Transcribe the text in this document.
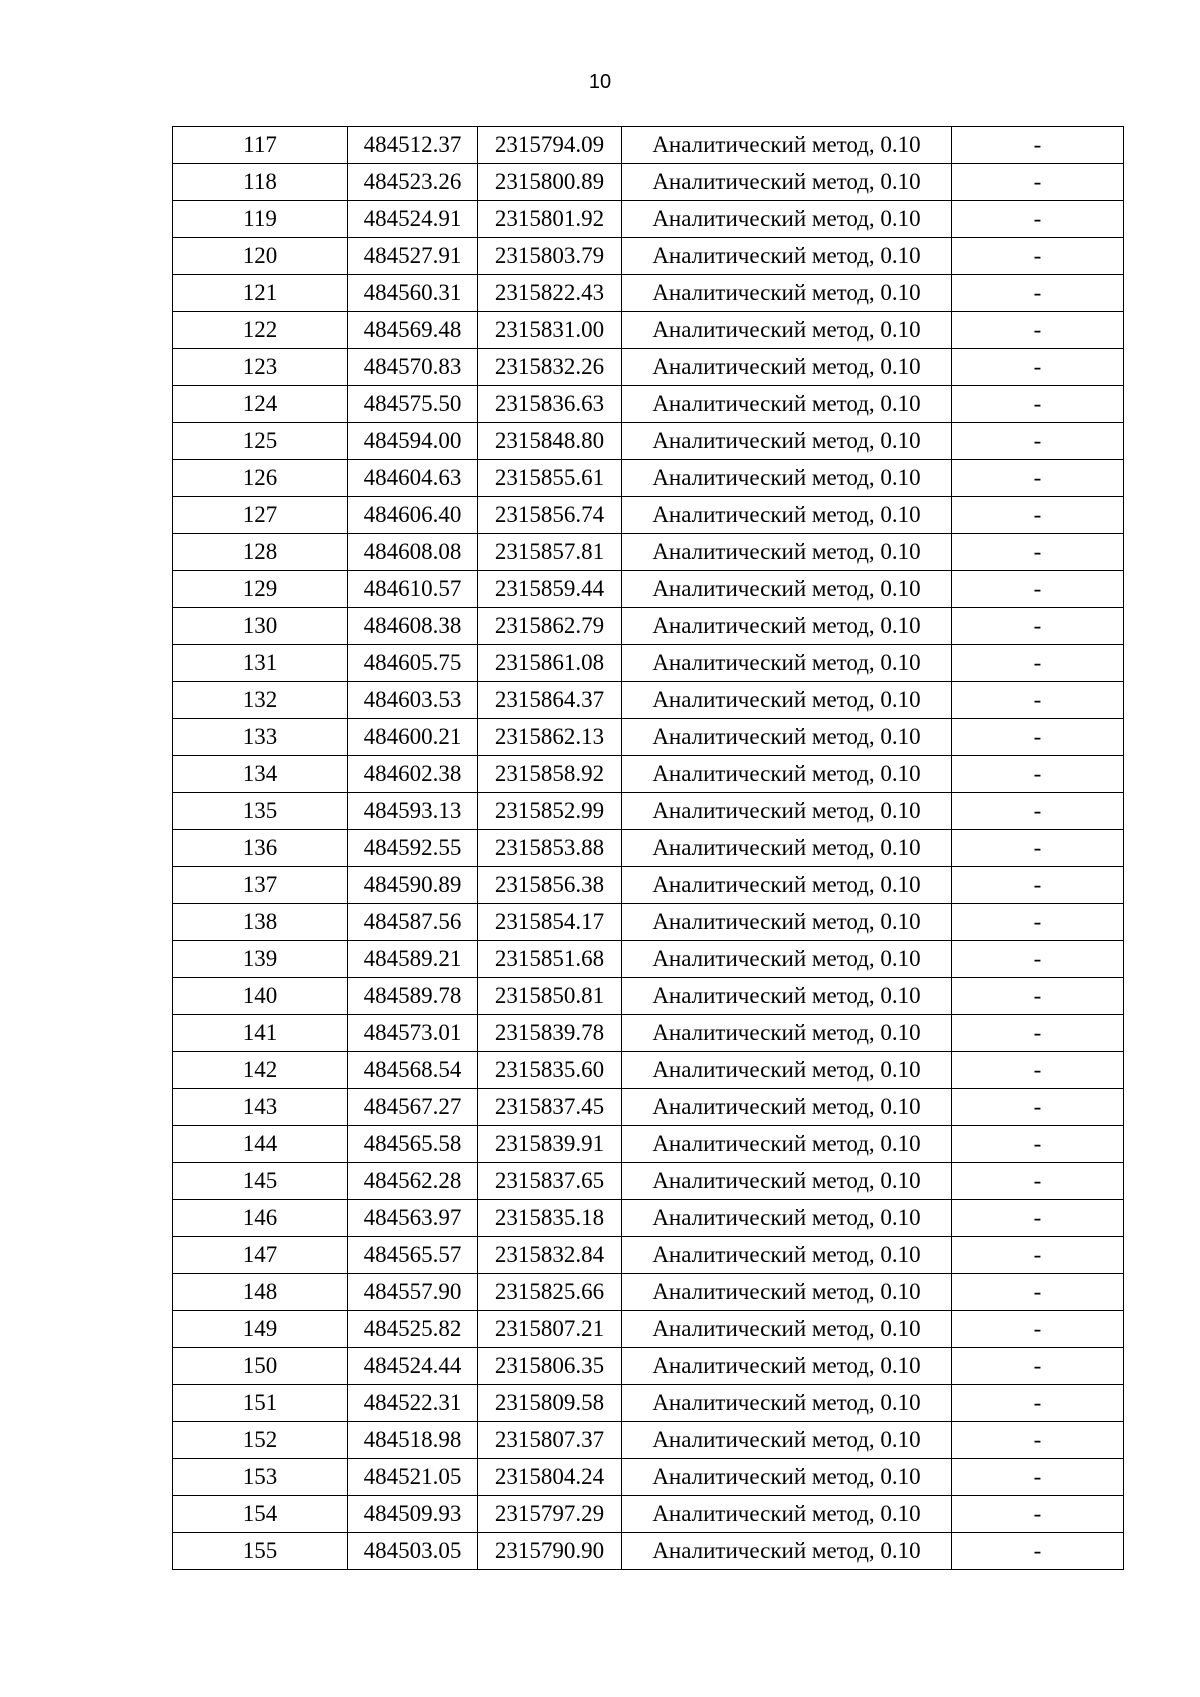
10
117	484512.37	2315794.09	Аналитический метод, 0.10	-
118	484523.26	2315800.89	Аналитический метод, 0.10	-
119	484524.91	2315801.92	Аналитический метод, 0.10	-
120	484527.91	2315803.79	Аналитический метод, 0.10	-
121	484560.31	2315822.43	Аналитический метод, 0.10	-
122	484569.48	2315831.00	Аналитический метод, 0.10	-
123	484570.83	2315832.26	Аналитический метод, 0.10	-
124	484575.50	2315836.63	Аналитический метод, 0.10	-
125	484594.00	2315848.80	Аналитический метод, 0.10	-
126	484604.63	2315855.61	Аналитический метод, 0.10	-
127	484606.40	2315856.74	Аналитический метод, 0.10	-
128	484608.08	2315857.81	Аналитический метод, 0.10	-
129	484610.57	2315859.44	Аналитический метод, 0.10	-
130	484608.38	2315862.79	Аналитический метод, 0.10	-
131	484605.75	2315861.08	Аналитический метод, 0.10	-
132	484603.53	2315864.37	Аналитический метод, 0.10	-
133	484600.21	2315862.13	Аналитический метод, 0.10	-
134	484602.38	2315858.92	Аналитический метод, 0.10	-
135	484593.13	2315852.99	Аналитический метод, 0.10	-
136	484592.55	2315853.88	Аналитический метод, 0.10	-
137	484590.89	2315856.38	Аналитический метод, 0.10	-
138	484587.56	2315854.17	Аналитический метод, 0.10	-
139	484589.21	2315851.68	Аналитический метод, 0.10	-
140	484589.78	2315850.81	Аналитический метод, 0.10	-
141	484573.01	2315839.78	Аналитический метод, 0.10	-
142	484568.54	2315835.60	Аналитический метод, 0.10	-
143	484567.27	2315837.45	Аналитический метод, 0.10	-
144	484565.58	2315839.91	Аналитический метод, 0.10	-
145	484562.28	2315837.65	Аналитический метод, 0.10	-
146	484563.97	2315835.18	Аналитический метод, 0.10	-
147	484565.57	2315832.84	Аналитический метод, 0.10	-
148	484557.90	2315825.66	Аналитический метод, 0.10	-
149	484525.82	2315807.21	Аналитический метод, 0.10	-
150	484524.44	2315806.35	Аналитический метод, 0.10	-
151	484522.31	2315809.58	Аналитический метод, 0.10	-
152	484518.98	2315807.37	Аналитический метод, 0.10	-
153	484521.05	2315804.24	Аналитический метод, 0.10	-
154	484509.93	2315797.29	Аналитический метод, 0.10	-
155	484503.05	2315790.90	Аналитический метод, 0.10	-
